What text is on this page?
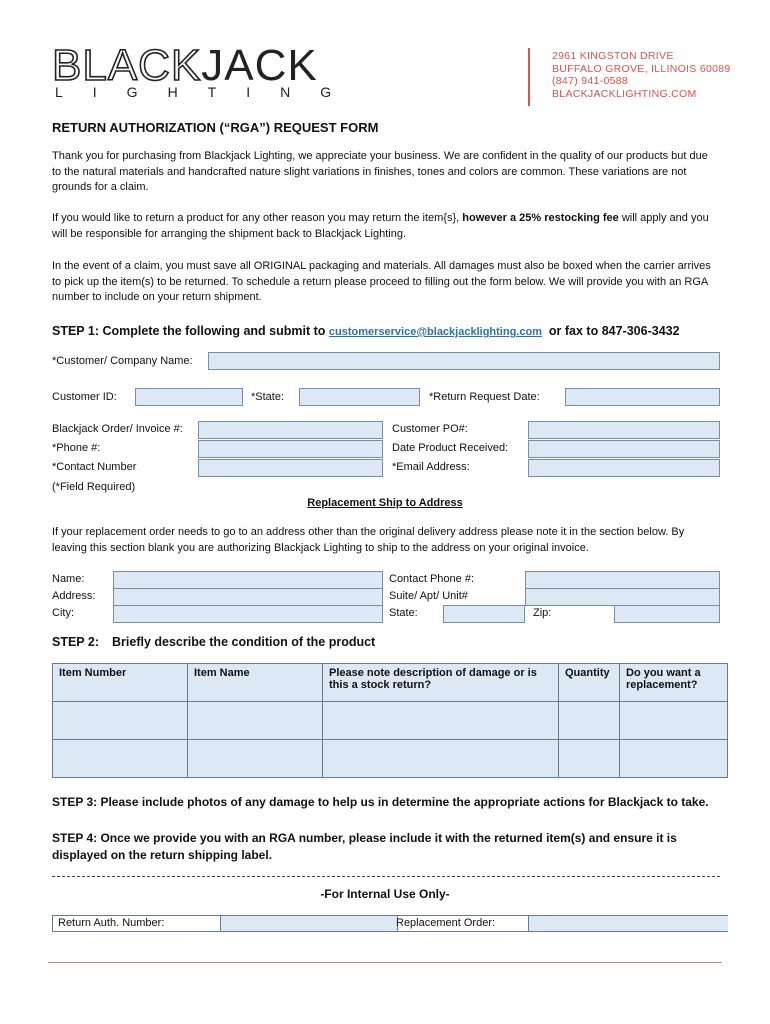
BLACKJACK
LIGHTING
2961 KINGSTON DRIVE
BUFFALO GROVE, ILLINOIS 60089
(847) 941-0588
BLACKJACKLIGHTING.COM
RETURN AUTHORIZATION (“RGA”) REQUEST FORM
Thank you for purchasing from Blackjack Lighting, we appreciate your business. We are confident in the quality of our products but due to the natural materials and handcrafted nature slight variations in finishes, tones and colors are common. These variations are not grounds for a claim.
If you would like to return a product for any other reason you may return the item{s}, however a 25% restocking fee will apply and you will be responsible for arranging the shipment back to Blackjack Lighting.
In the event of a claim, you must save all ORIGINAL packaging and materials. All damages must also be boxed when the carrier arrives to pick up the item(s) to be returned. To schedule a return please proceed to filling out the form below. We will provide you with an RGA number to include on your return shipment.
STEP 1: Complete the following and submit to customerservice@blackjacklighting.com or fax to 847-306-3432
*Customer/ Company Name:
Customer ID:	*State:	*Return Request Date:
Blackjack Order/ Invoice #:	Customer PO#:
*Phone #:	Date Product Received:
*Contact Number	*Email Address:
(*Field Required)
Replacement Ship to Address
If your replacement order needs to go to an address other than the original delivery address please note it in the section below. By leaving this section blank you are authorizing Blackjack Lighting to ship to the address on your original invoice.
Name:	Contact Phone #:
Address:	Suite/ Apt/ Unit#
City:	State:	Zip:
STEP 2: Briefly describe the condition of the product
Item Number	Item Name	Please note description of damage or is this a stock return?	Quantity	Do you want a replacement?

STEP 3: Please include photos of any damage to help us in determine the appropriate actions for Blackjack to take.
STEP 4: Once we provide you with an RGA number, please include it with the returned item(s) and ensure it is displayed on the return shipping label.
-For Internal Use Only-
Return Auth. Number:	Replacement Order:
